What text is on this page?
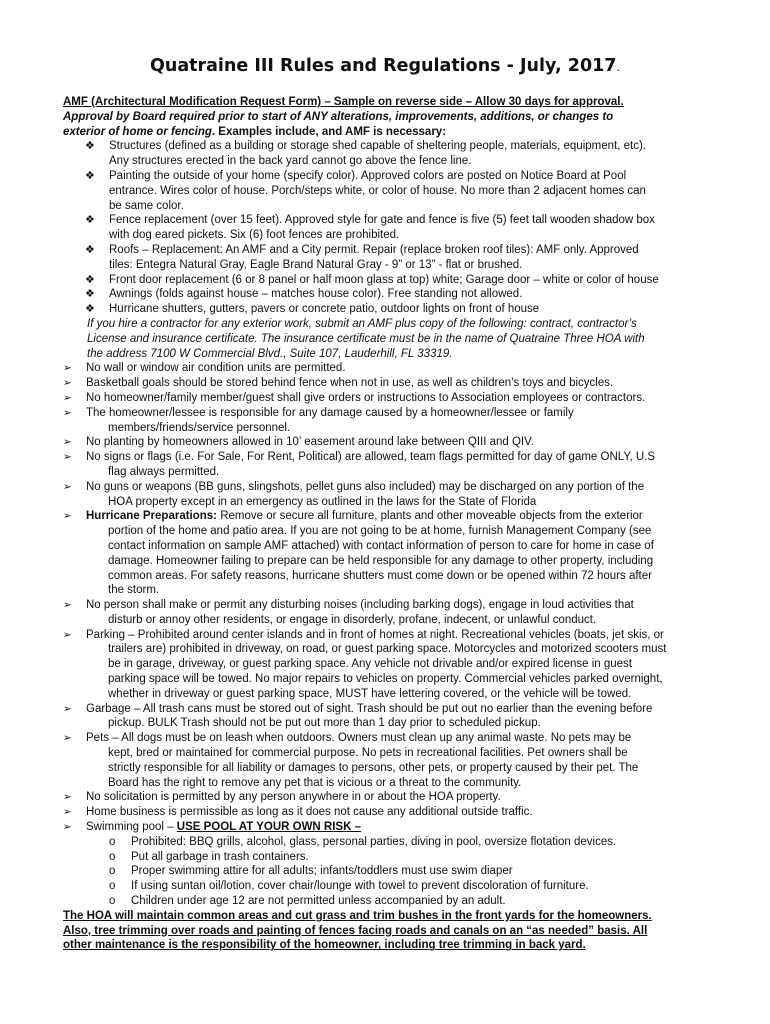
Quatraine III Rules and Regulations - July, 2017.
AMF (Architectural Modification Request Form) – Sample on reverse side – Allow 30 days for approval.
Approval by Board required prior to start of ANY alterations, improvements, additions, or changes to
exterior of home or fencing. Examples include, and AMF is necessary:
❖ Structures (defined as a building or storage shed capable of sheltering people, materials, equipment, etc).
Any structures erected in the back yard cannot go above the fence line.
❖ Painting the outside of your home (specify color). Approved colors are posted on Notice Board at Pool
entrance. Wires color of house. Porch/steps white, or color of house. No more than 2 adjacent homes can
be same color.
❖ Fence replacement (over 15 feet). Approved style for gate and fence is five (5) feet tall wooden shadow box
with dog eared pickets. Six (6) foot fences are prohibited.
❖ Roofs – Replacement: An AMF and a City permit. Repair (replace broken roof tiles): AMF only. Approved
tiles: Entegra Natural Gray, Eagle Brand Natural Gray - 9” or 13” - flat or brushed.
❖ Front door replacement (6 or 8 panel or half moon glass at top) white; Garage door – white or color of house
❖ Awnings (folds against house – matches house color). Free standing not allowed.
❖ Hurricane shutters, gutters, pavers or concrete patio, outdoor lights on front of house
If you hire a contractor for any exterior work, submit an AMF plus copy of the following: contract, contractor’s
License and insurance certificate. The insurance certificate must be in the name of Quatraine Three HOA with
the address 7100 W Commercial Blvd., Suite 107, Lauderhill, FL 33319.
➢ No wall or window air condition units are permitted.
➢ Basketball goals should be stored behind fence when not in use, as well as children’s toys and bicycles.
➢ No homeowner/family member/guest shall give orders or instructions to Association employees or contractors.
➢ The homeowner/lessee is responsible for any damage caused by a homeowner/lessee or family
members/friends/service personnel.
➢ No planting by homeowners allowed in 10’ easement around lake between QIII and QIV.
➢ No signs or flags (i.e. For Sale, For Rent, Political) are allowed, team flags permitted for day of game ONLY, U.S
flag always permitted.
➢ No guns or weapons (BB guns, slingshots, pellet guns also included) may be discharged on any portion of the
HOA property except in an emergency as outlined in the laws for the State of Florida
➢ Hurricane Preparations: Remove or secure all furniture, plants and other moveable objects from the exterior
portion of the home and patio area. If you are not going to be at home, furnish Management Company (see
contact information on sample AMF attached) with contact information of person to care for home in case of
damage. Homeowner failing to prepare can be held responsible for any damage to other property, including
common areas. For safety reasons, hurricane shutters must come down or be opened within 72 hours after
the storm.
➢ No person shall make or permit any disturbing noises (including barking dogs), engage in loud activities that
disturb or annoy other residents, or engage in disorderly, profane, indecent, or unlawful conduct.
➢ Parking – Prohibited around center islands and in front of homes at night. Recreational vehicles (boats, jet skis, or
trailers are) prohibited in driveway, on road, or guest parking space. Motorcycles and motorized scooters must
be in garage, driveway, or guest parking space. Any vehicle not drivable and/or expired license in guest
parking space will be towed. No major repairs to vehicles on property. Commercial vehicles parked overnight,
whether in driveway or guest parking space, MUST have lettering covered, or the vehicle will be towed.
➢ Garbage – All trash cans must be stored out of sight. Trash should be put out no earlier than the evening before
pickup. BULK Trash should not be put out more than 1 day prior to scheduled pickup.
➢ Pets – All dogs must be on leash when outdoors. Owners must clean up any animal waste. No pets may be
kept, bred or maintained for commercial purpose. No pets in recreational facilities. Pet owners shall be
strictly responsible for all liability or damages to persons, other pets, or property caused by their pet. The
Board has the right to remove any pet that is vicious or a threat to the community.
➢ No solicitation is permitted by any person anywhere in or about the HOA property.
➢ Home business is permissible as long as it does not cause any additional outside traffic.
➢ Swimming pool – USE POOL AT YOUR OWN RISK –
o Prohibited: BBQ grills, alcohol, glass, personal parties, diving in pool, oversize flotation devices.
o Put all garbage in trash containers.
o Proper swimming attire for all adults; infants/toddlers must use swim diaper
o If using suntan oil/lotion, cover chair/lounge with towel to prevent discoloration of furniture.
o Children under age 12 are not permitted unless accompanied by an adult.
The HOA will maintain common areas and cut grass and trim bushes in the front yards for the homeowners.
Also, tree trimming over roads and painting of fences facing roads and canals on an “as needed” basis. All
other maintenance is the responsibility of the homeowner, including tree trimming in back yard.
